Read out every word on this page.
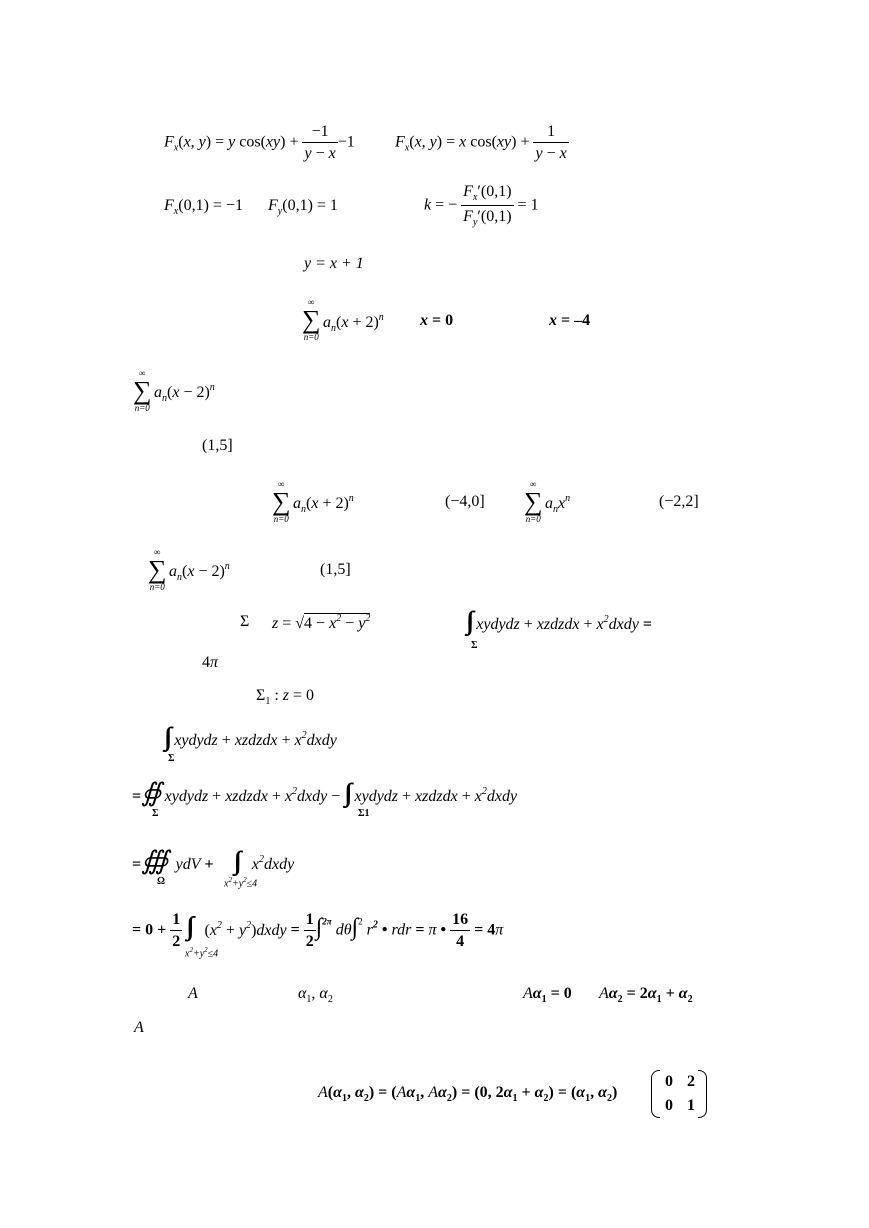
$F_x(x$, y) = y $\cos(xy) + \frac{-1}{y - x} -1$	$F_x(x$, y) = x $\cos(xy) + \frac{1}{y - x}$
$F_x(0,1) = -1$ $F_y(0,1) = 1$	k = − $\frac{F_x'(0,1)}{F_y'(0,1)} = 1$
y = x + 1
∞
∑
n=0
$a_n(x + 2)^n$ x = 0	x = –4
∞
∑
n=0
$a_n(x - 2)^n$
(1,5]
∞
∑
n=0
$a_n(x + 2)^n$	(−4,0]
∞
∑
n=0
$a_nx^n$	(−2,2]
∞
∑
n=0
$a_n(x - 2)^n$	(1,5]
Σ $z = √4 - x^2 - y^2$	∫∫ xydydz + xzdzdx + $x^2dxdy$ =
Σ
4π
$\Sigma_1$ : z = 0
∫∫ xydydz + xzdzdx + $x^2dxdy$
Σ
=∯ xydydz + xzdzdx + $x^2dxdy$ − ∫∫ xydydz + xzdzdx + $x^2dxdy$
Σ	Σ1
=∰ ydV + ∫∫ $x^2dxdy$
Ω	$x^2+y^2\le 4$
= $0 + \frac{1}{2}$ ∫∫ ($x^2$ + $y^2)dxdy = \frac{1}{2} \int^{2\pi}$ dθ∫$^2$ $r^2$ • rdr = π • $\frac{16}{4} = 4\pi$
$x^2+y^2\le 4$
A	$\alpha_1$, $\alpha_2$	$A\alpha_1 = 0$ $A\alpha_2 = 2\alpha_1 + \alpha_2$
A
$A(\alpha_1$, $\alpha_2) = (A\alpha_1$, $A\alpha_2) = (0$, $2\alpha_1 + \alpha_2) = (\alpha_1$, $\alpha_2$)
0 2
0 1
